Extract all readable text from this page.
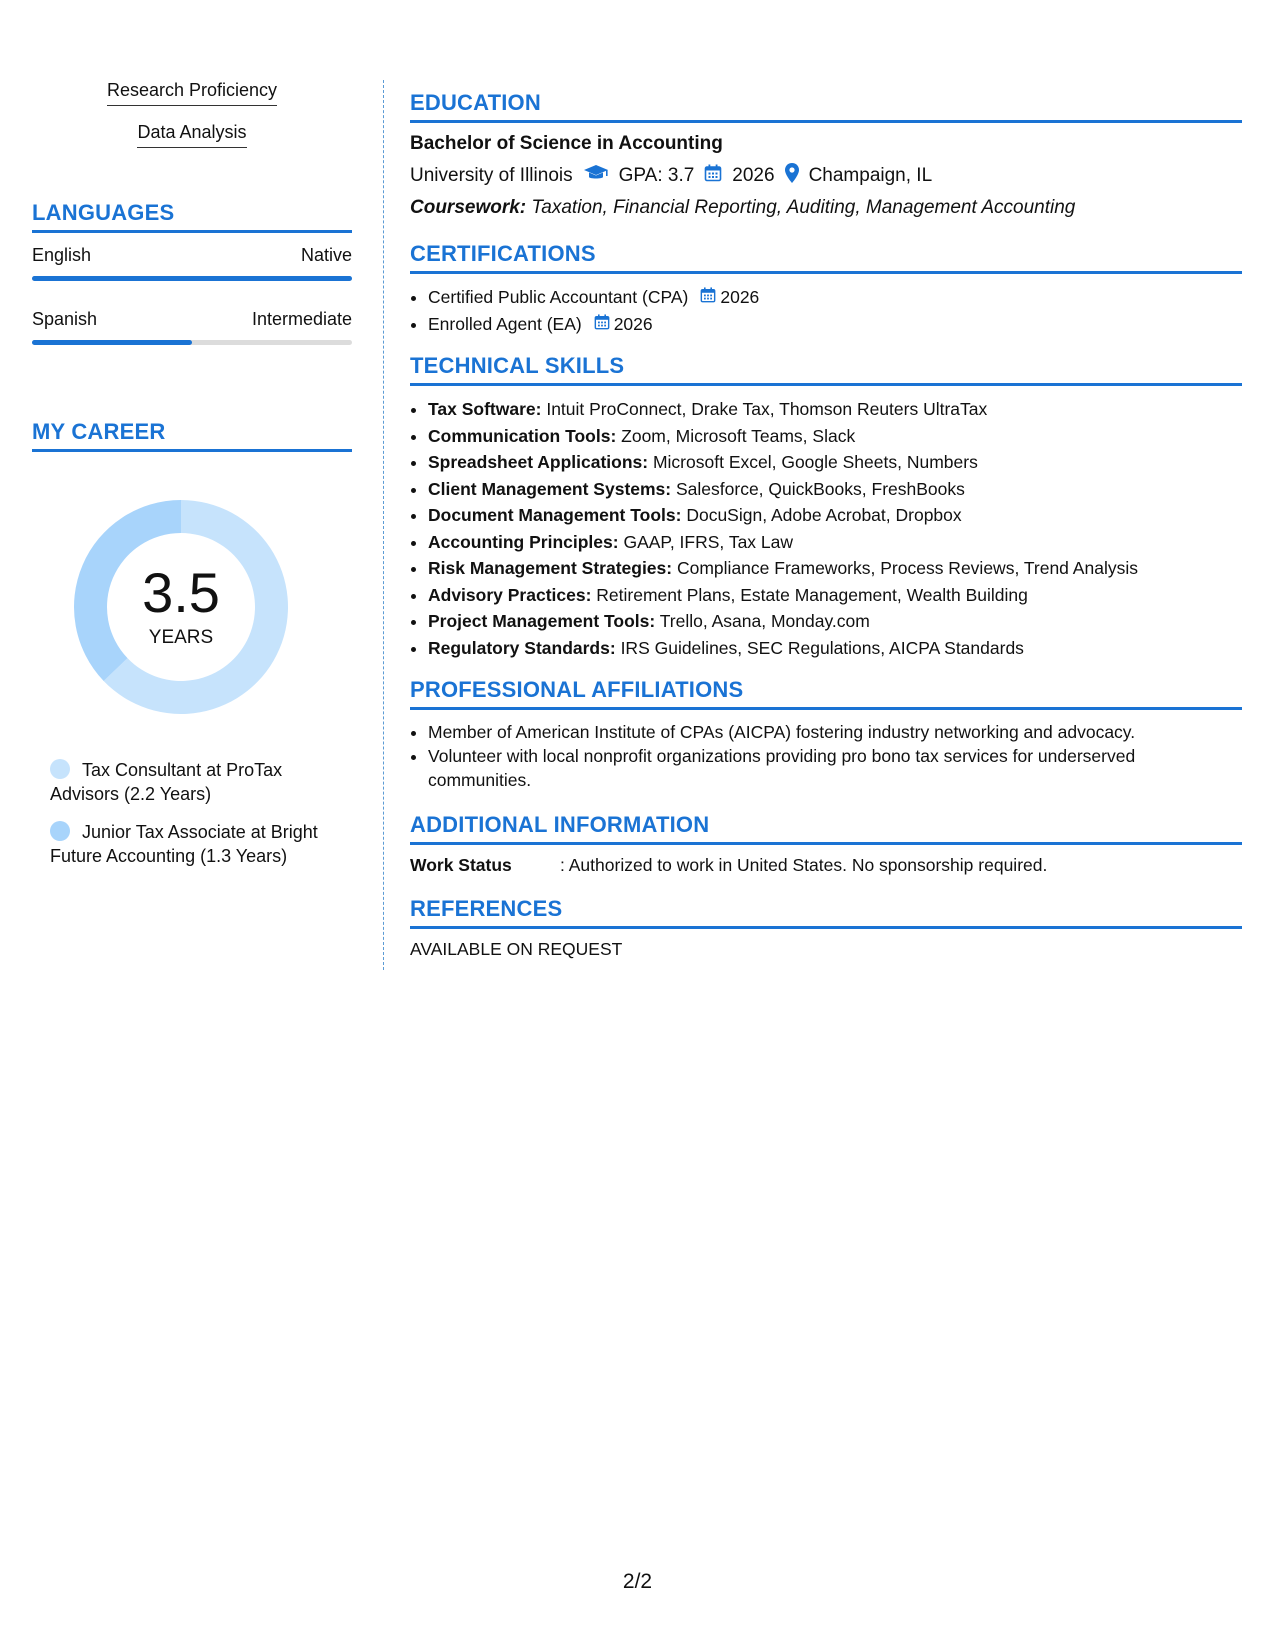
Research Proficiency
Data Analysis
LANGUAGES
English	Native
Spanish	Intermediate
MY CAREER
3.5
YEARS
Tax Consultant at ProTax Advisors (2.2 Years)
Junior Tax Associate at Bright Future Accounting (1.3 Years)
EDUCATION
Bachelor of Science in Accounting
University of Illinois GPA: 3.7 2026 Champaign, IL
Coursework: Taxation, Financial Reporting, Auditing, Management Accounting
CERTIFICATIONS
• Certified Public Accountant (CPA) 2026
• Enrolled Agent (EA) 2026
TECHNICAL SKILLS
• Tax Software: Intuit ProConnect, Drake Tax, Thomson Reuters UltraTax
• Communication Tools: Zoom, Microsoft Teams, Slack
• Spreadsheet Applications: Microsoft Excel, Google Sheets, Numbers
• Client Management Systems: Salesforce, QuickBooks, FreshBooks
• Document Management Tools: DocuSign, Adobe Acrobat, Dropbox
• Accounting Principles: GAAP, IFRS, Tax Law
• Risk Management Strategies: Compliance Frameworks, Process Reviews, Trend Analysis
• Advisory Practices: Retirement Plans, Estate Management, Wealth Building
• Project Management Tools: Trello, Asana, Monday.com
• Regulatory Standards: IRS Guidelines, SEC Regulations, AICPA Standards
PROFESSIONAL AFFILIATIONS
• Member of American Institute of CPAs (AICPA) fostering industry networking and advocacy.
• Volunteer with local nonprofit organizations providing pro bono tax services for underserved communities.
ADDITIONAL INFORMATION
Work Status	: Authorized to work in United States. No sponsorship required.
REFERENCES
AVAILABLE ON REQUEST
2/2
